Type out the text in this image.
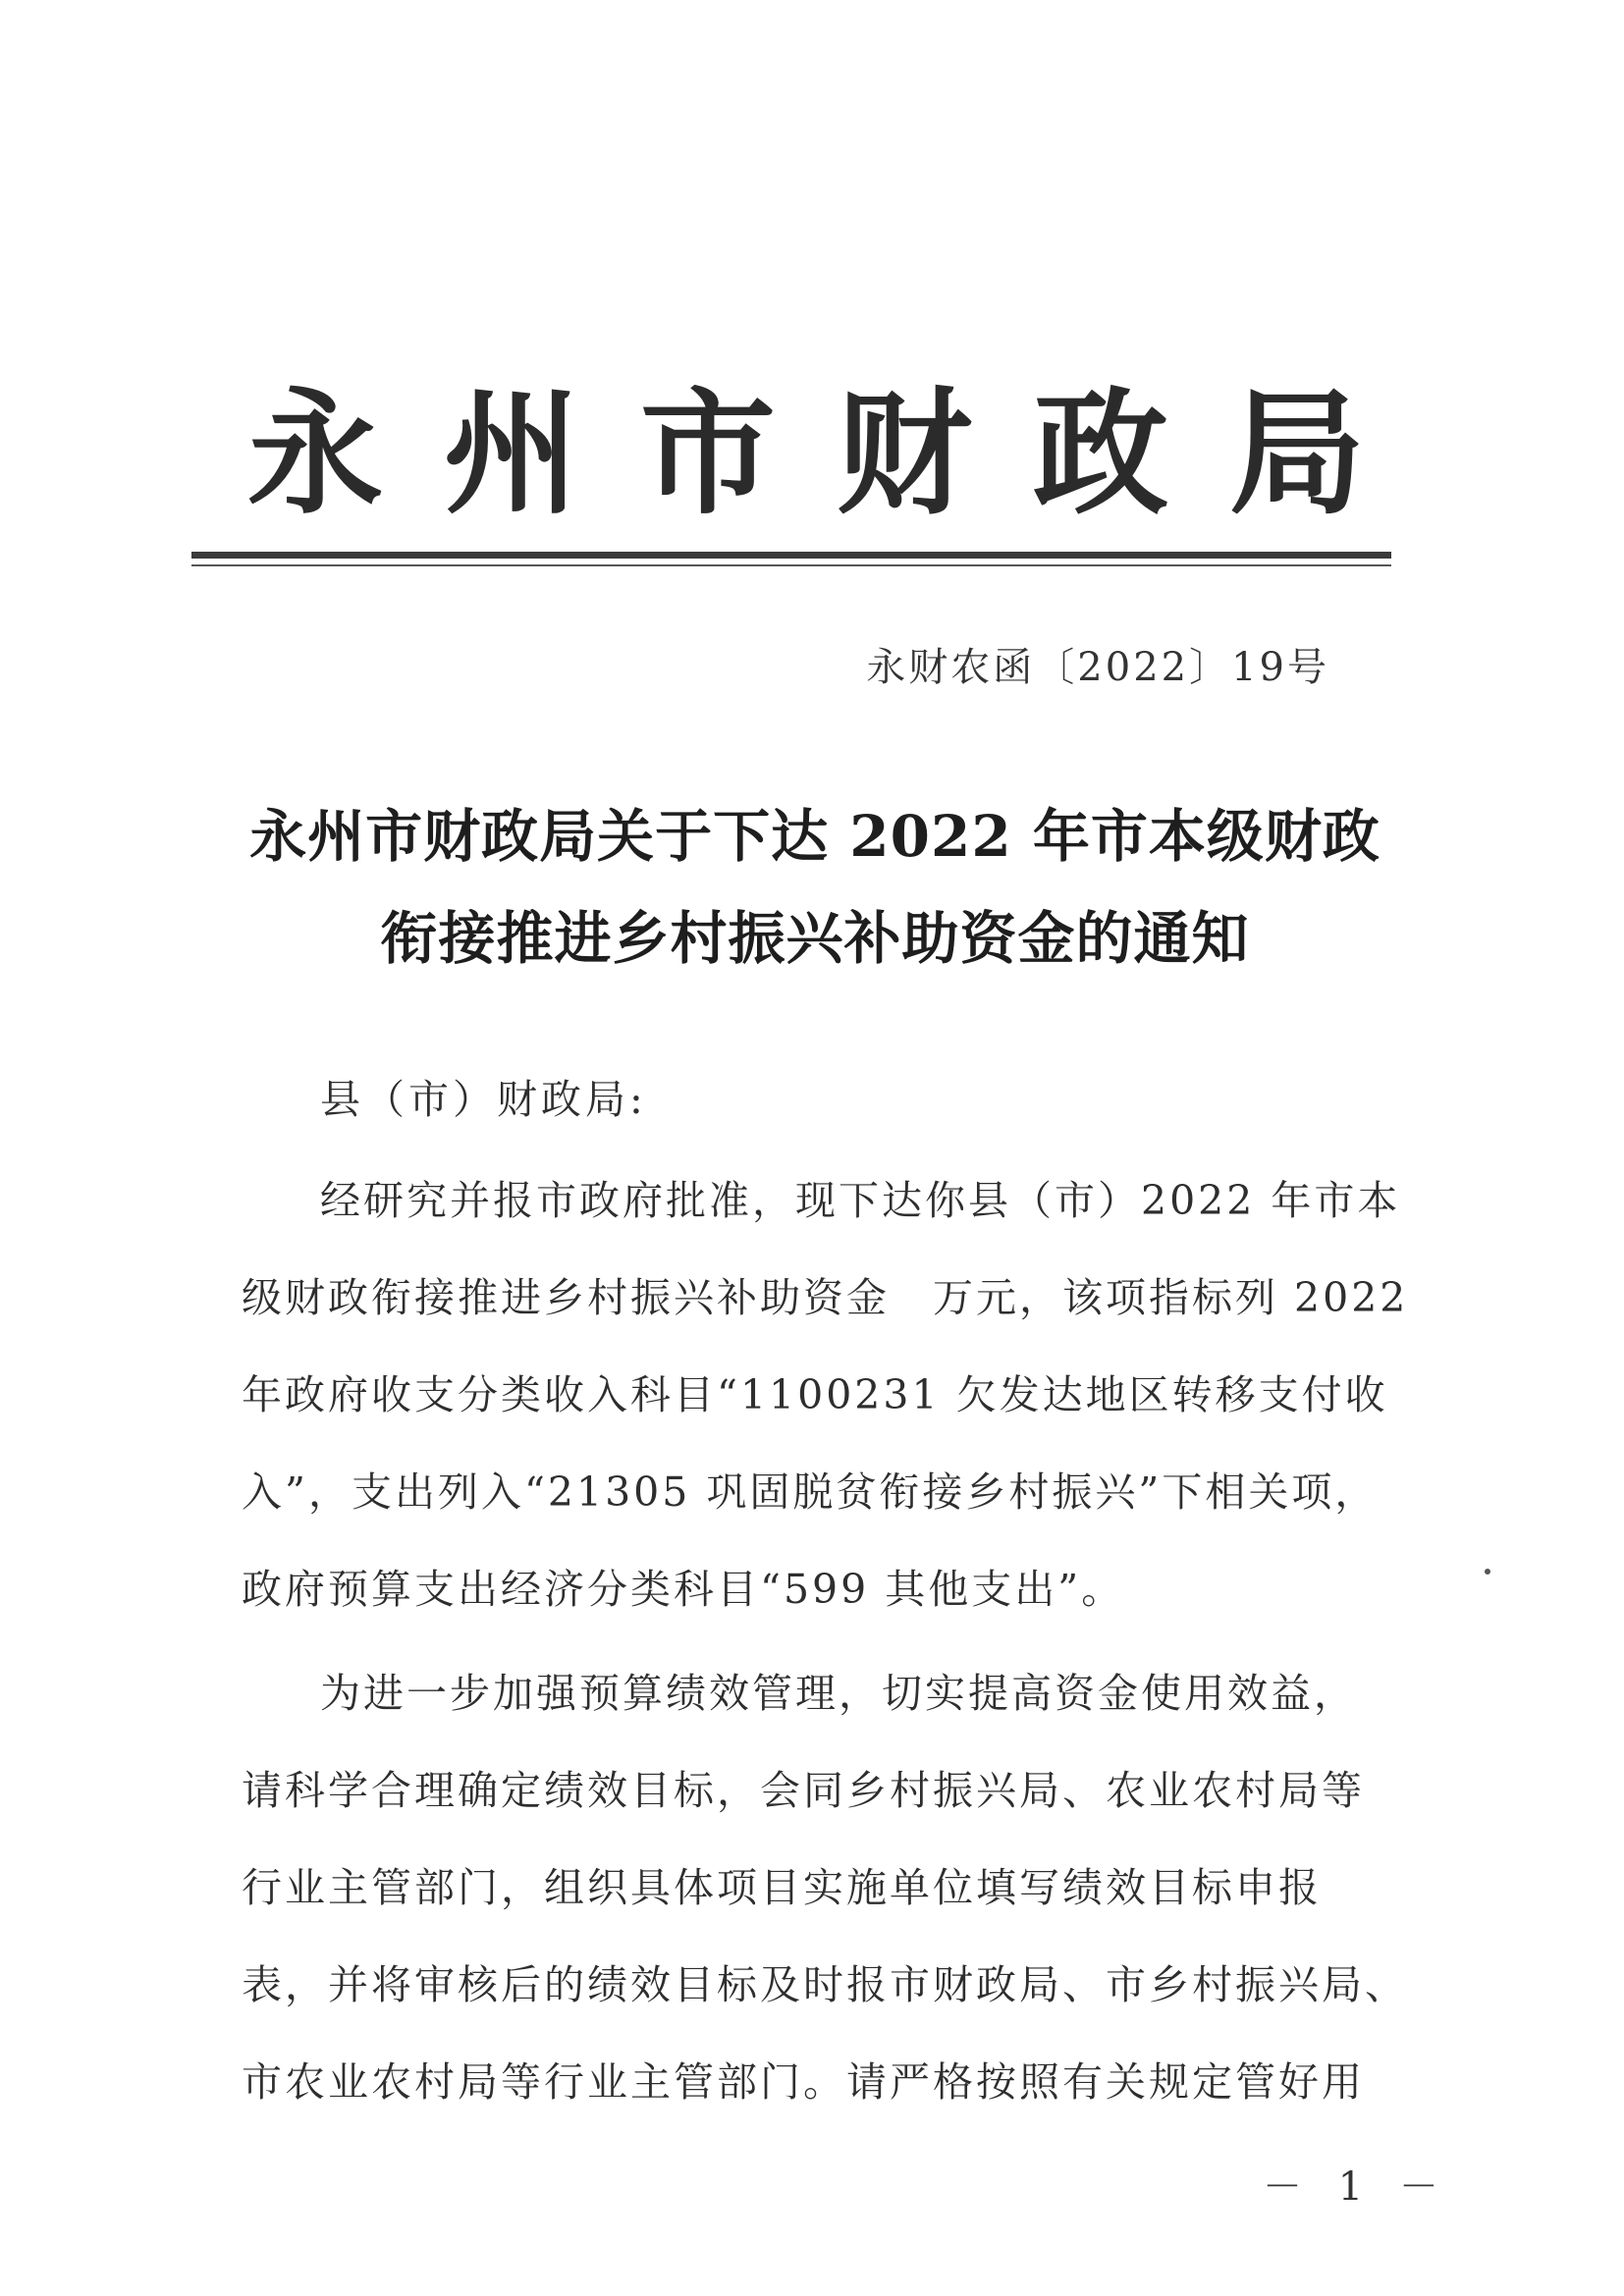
永州市财政局
永财农函〔2022〕19号
永州市财政局关于下达 2022 年市本级财政
衔接推进乡村振兴补助资金的通知
县（市）财政局:
经研究并报市政府批准，现下达你县（市）2022 年市本
级财政衔接推进乡村振兴补助资金　万元，该项指标列 2022
年政府收支分类收入科目“1100231 欠发达地区转移支付收
入”，支出列入“21305 巩固脱贫衔接乡村振兴”下相关项，
政府预算支出经济分类科目“599 其他支出”。
为进一步加强预算绩效管理，切实提高资金使用效益，
请科学合理确定绩效目标，会同乡村振兴局、农业农村局等
行业主管部门，组织具体项目实施单位填写绩效目标申报
表，并将审核后的绩效目标及时报市财政局、市乡村振兴局、
市农业农村局等行业主管部门。请严格按照有关规定管好用
－ 1 －
